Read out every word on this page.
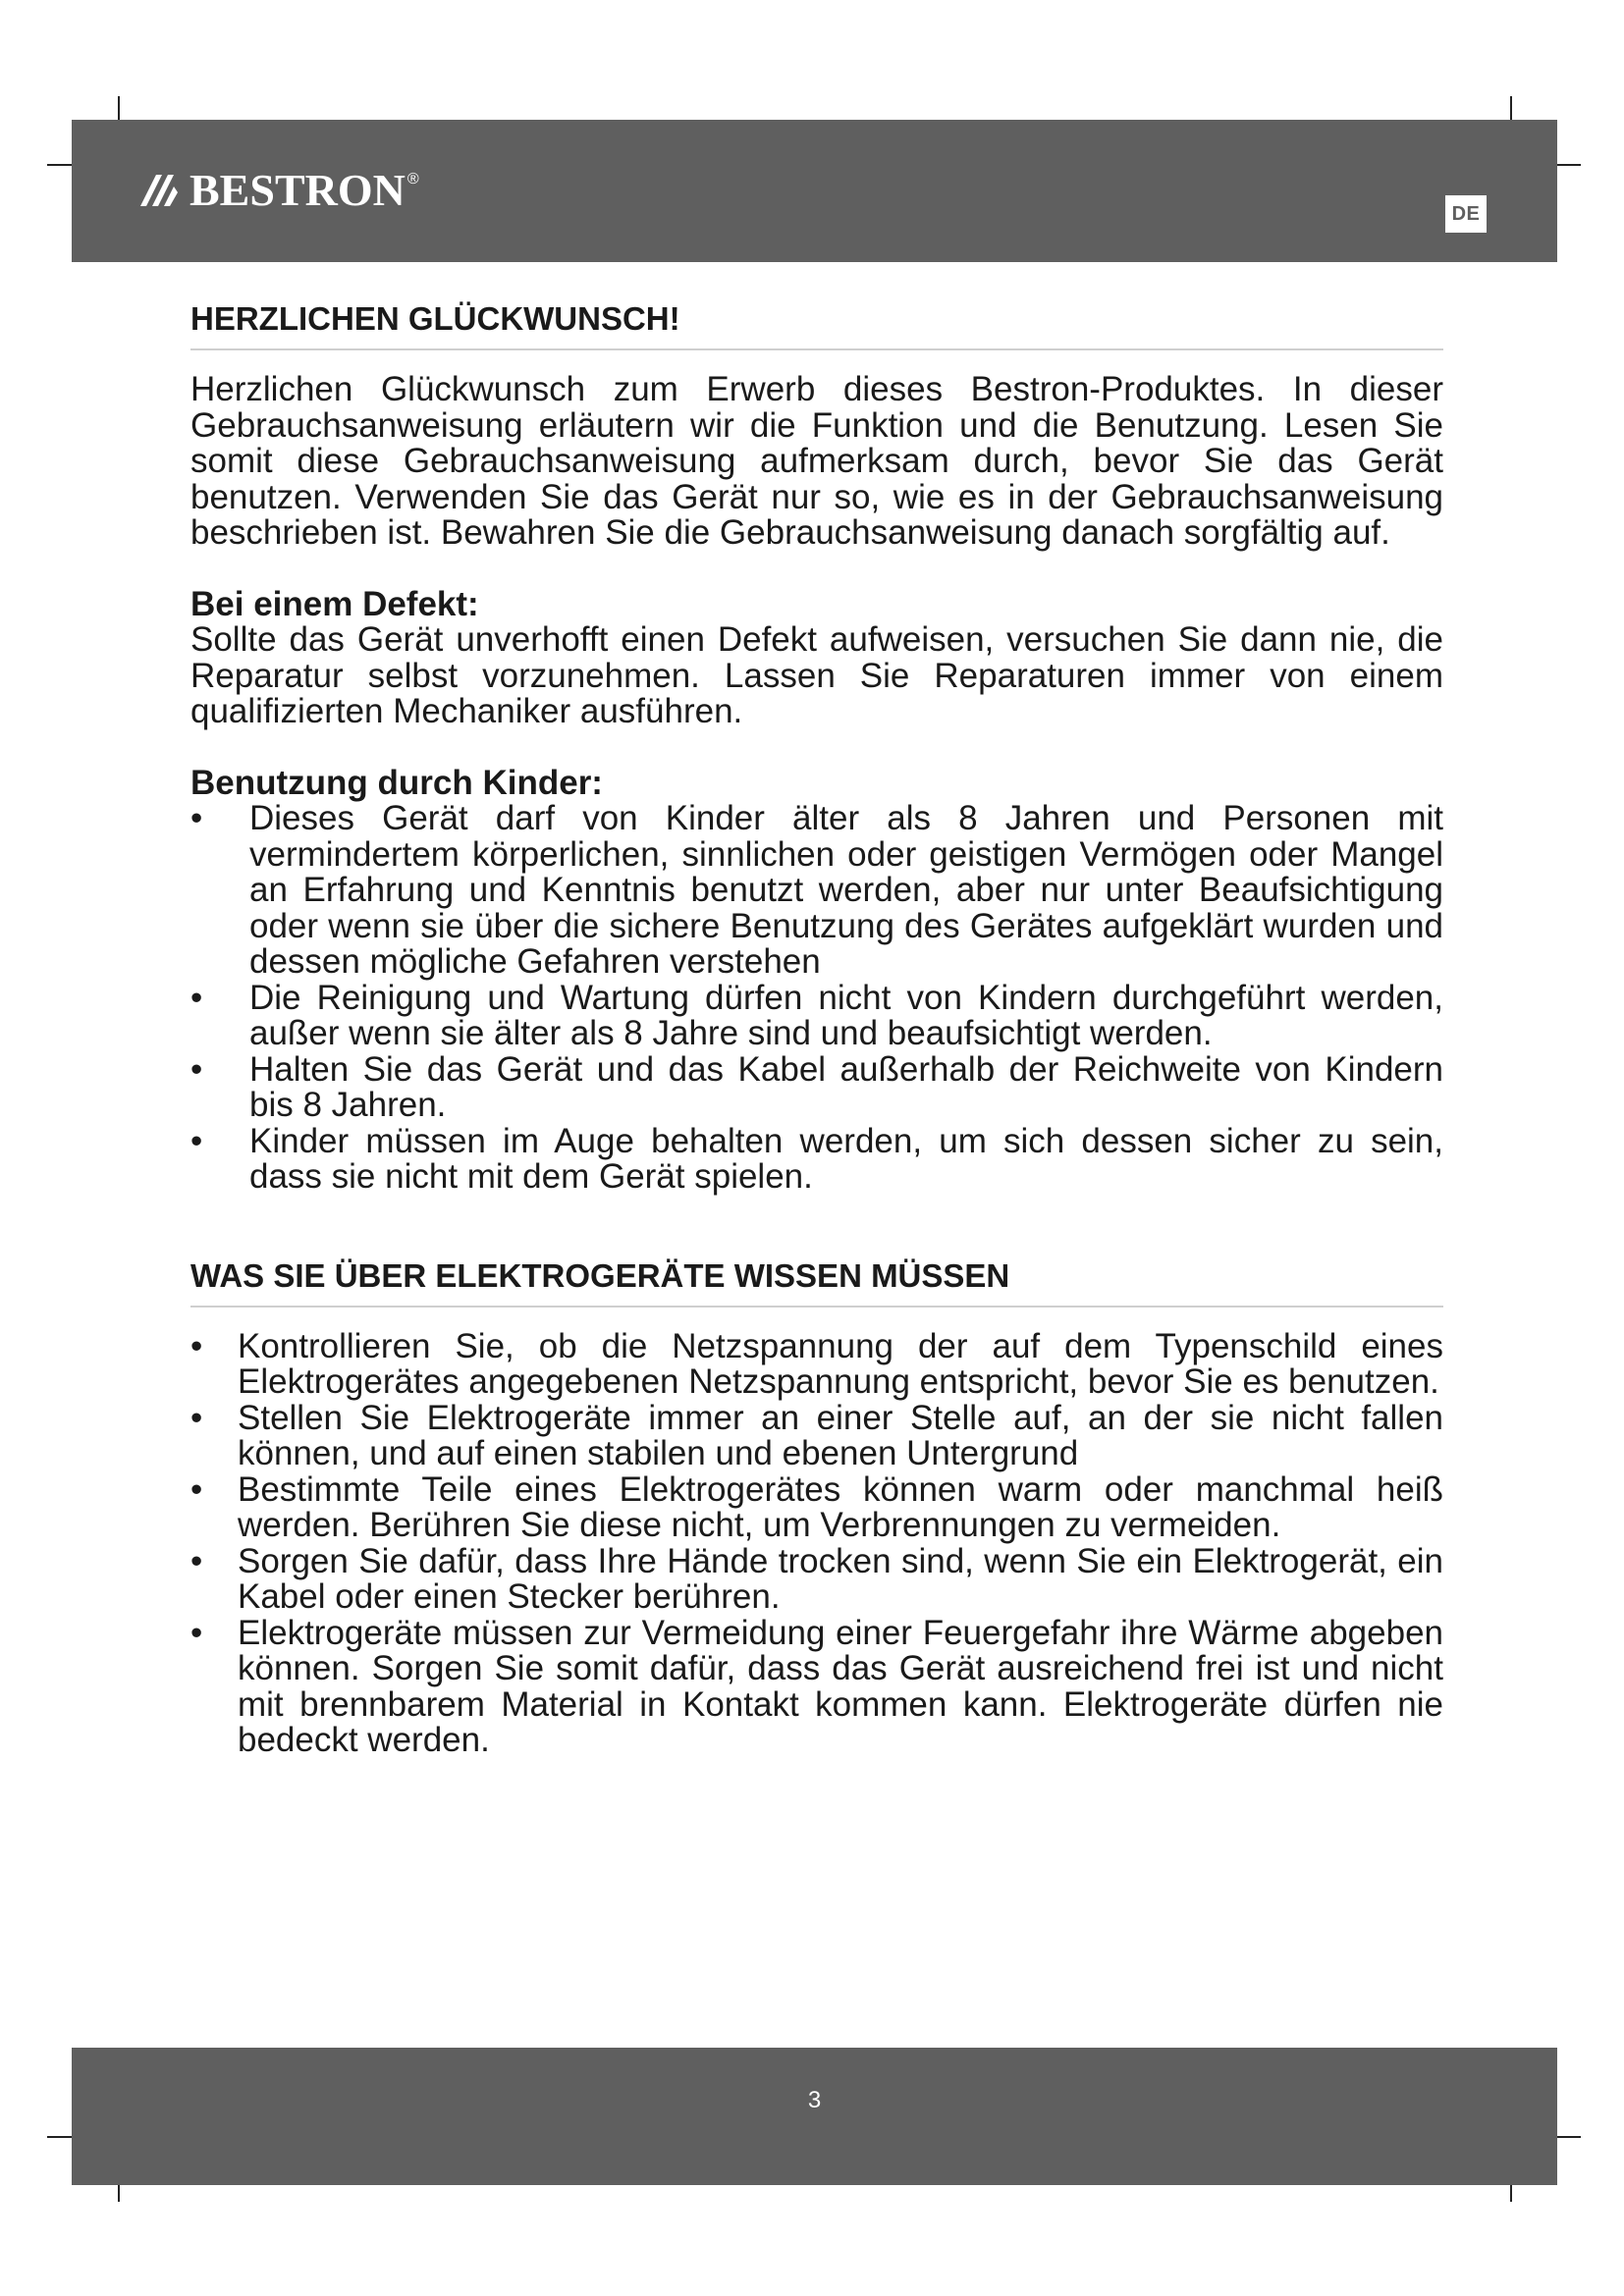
BESTRON ®
DE
HERZLICHEN GLÜCKWUNSCH!

Herzlichen Glückwunsch zum Erwerb dieses Bestron-Produktes. In dieser Gebrauchsanweisung erläutern wir die Funktion und die Benutzung. Lesen Sie somit diese Gebrauchsanweisung aufmerksam durch, bevor Sie das Gerät benutzen. Verwenden Sie das Gerät nur so, wie es in der Gebrauchsanweisung beschrieben ist. Bewahren Sie die Gebrauchsanweisung danach sorgfältig auf.

Bei einem Defekt:

Sollte das Gerät unverhofft einen Defekt aufweisen, versuchen Sie dann nie, die Reparatur selbst vorzunehmen. Lassen Sie Reparaturen immer von einem qualifizierten Mechaniker ausführen.

Benutzung durch Kinder:

• Dieses Gerät darf von Kinder älter als 8 Jahren und Personen mit vermindertem körperlichen, sinnlichen oder geistigen Vermögen oder Mangel an Erfahrung und Kenntnis benutzt werden, aber nur unter Beaufsichtigung oder wenn sie über die sichere Benutzung des Gerätes aufgeklärt wurden und dessen mögliche Gefahren verstehen
• Die Reinigung und Wartung dürfen nicht von Kindern durchgeführt werden, außer wenn sie älter als 8 Jahre sind und beaufsichtigt werden.
• Halten Sie das Gerät und das Kabel außerhalb der Reichweite von Kindern bis 8 Jahren.
• Kinder müssen im Auge behalten werden, um sich dessen sicher zu sein, dass sie nicht mit dem Gerät spielen.
WAS SIE ÜBER ELEKTROGERÄTE WISSEN MÜSSEN
• Kontrollieren Sie, ob die Netzspannung der auf dem Typenschild eines Elektrogerätes angegebenen Netzspannung entspricht, bevor Sie es benutzen.
• Stellen Sie Elektrogeräte immer an einer Stelle auf, an der sie nicht fallen können, und auf einen stabilen und ebenen Untergrund
• Bestimmte Teile eines Elektrogerätes können warm oder manchmal heiß werden. Berühren Sie diese nicht, um Verbrennungen zu vermeiden.
• Sorgen Sie dafür, dass Ihre Hände trocken sind, wenn Sie ein Elektrogerät, ein Kabel oder einen Stecker berühren.
• Elektrogeräte müssen zur Vermeidung einer Feuergefahr ihre Wärme abgeben können. Sorgen Sie somit dafür, dass das Gerät ausreichend frei ist und nicht mit brennbarem Material in Kontakt kommen kann. Elektrogeräte dürfen nie bedeckt werden.
3
